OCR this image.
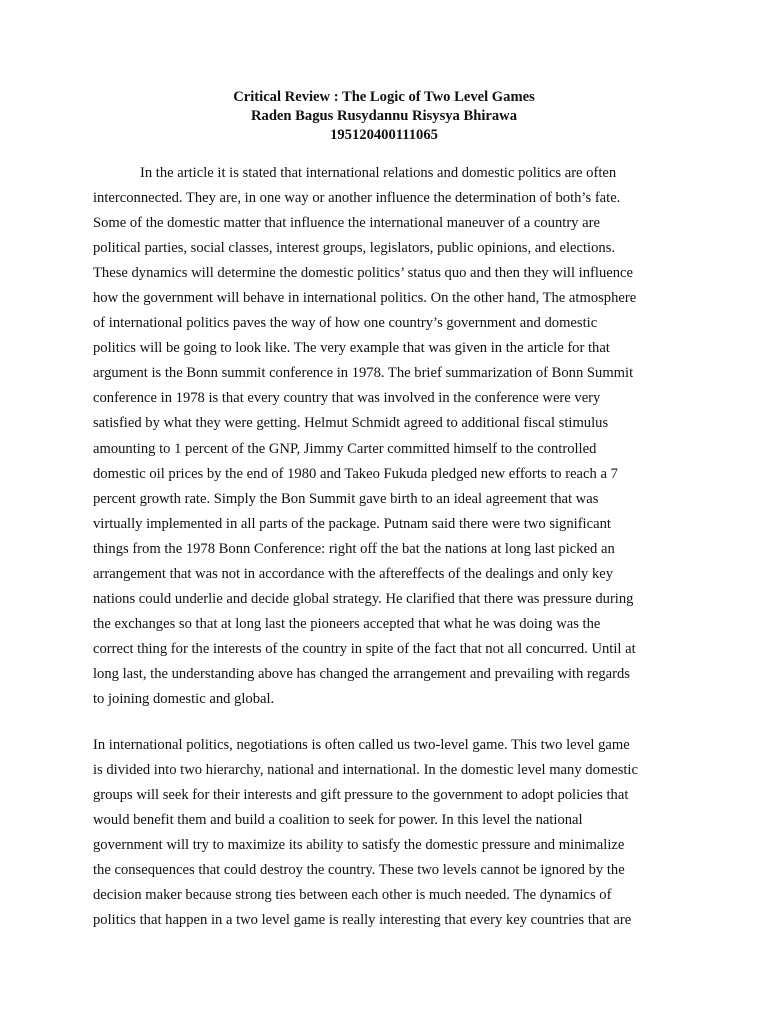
Critical Review : The Logic of Two Level Games
Raden Bagus Rusydannu Risysya Bhirawa
195120400111065
In the article it is stated that international relations and domestic politics are often
interconnected. They are, in one way or another influence the determination of both’s fate.
Some of the domestic matter that influence the international maneuver of a country are
political parties, social classes, interest groups, legislators, public opinions, and elections.
These dynamics will determine the domestic politics’ status quo and then they will influence
how the government will behave in international politics. On the other hand, The atmosphere
of international politics paves the way of how one country’s government and domestic
politics will be going to look like. The very example that was given in the article for that
argument is the Bonn summit conference in 1978. The brief summarization of Bonn Summit
conference in 1978 is that every country that was involved in the conference were very
satisfied by what they were getting. Helmut Schmidt agreed to additional fiscal stimulus
amounting to 1 percent of the GNP, Jimmy Carter committed himself to the controlled
domestic oil prices by the end of 1980 and Takeo Fukuda pledged new efforts to reach a 7
percent growth rate. Simply the Bon Summit gave birth to an ideal agreement that was
virtually implemented in all parts of the package. Putnam said there were two significant
things from the 1978 Bonn Conference: right off the bat the nations at long last picked an
arrangement that was not in accordance with the aftereffects of the dealings and only key
nations could underlie and decide global strategy. He clarified that there was pressure during
the exchanges so that at long last the pioneers accepted that what he was doing was the
correct thing for the interests of the country in spite of the fact that not all concurred. Until at
long last, the understanding above has changed the arrangement and prevailing with regards
to joining domestic and global.
In international politics, negotiations is often called us two-level game. This two level game
is divided into two hierarchy, national and international. In the domestic level many domestic
groups will seek for their interests and gift pressure to the government to adopt policies that
would benefit them and build a coalition to seek for power. In this level the national
government will try to maximize its ability to satisfy the domestic pressure and minimalize
the consequences that could destroy the country. These two levels cannot be ignored by the
decision maker because strong ties between each other is much needed. The dynamics of
politics that happen in a two level game is really interesting that every key countries that are
